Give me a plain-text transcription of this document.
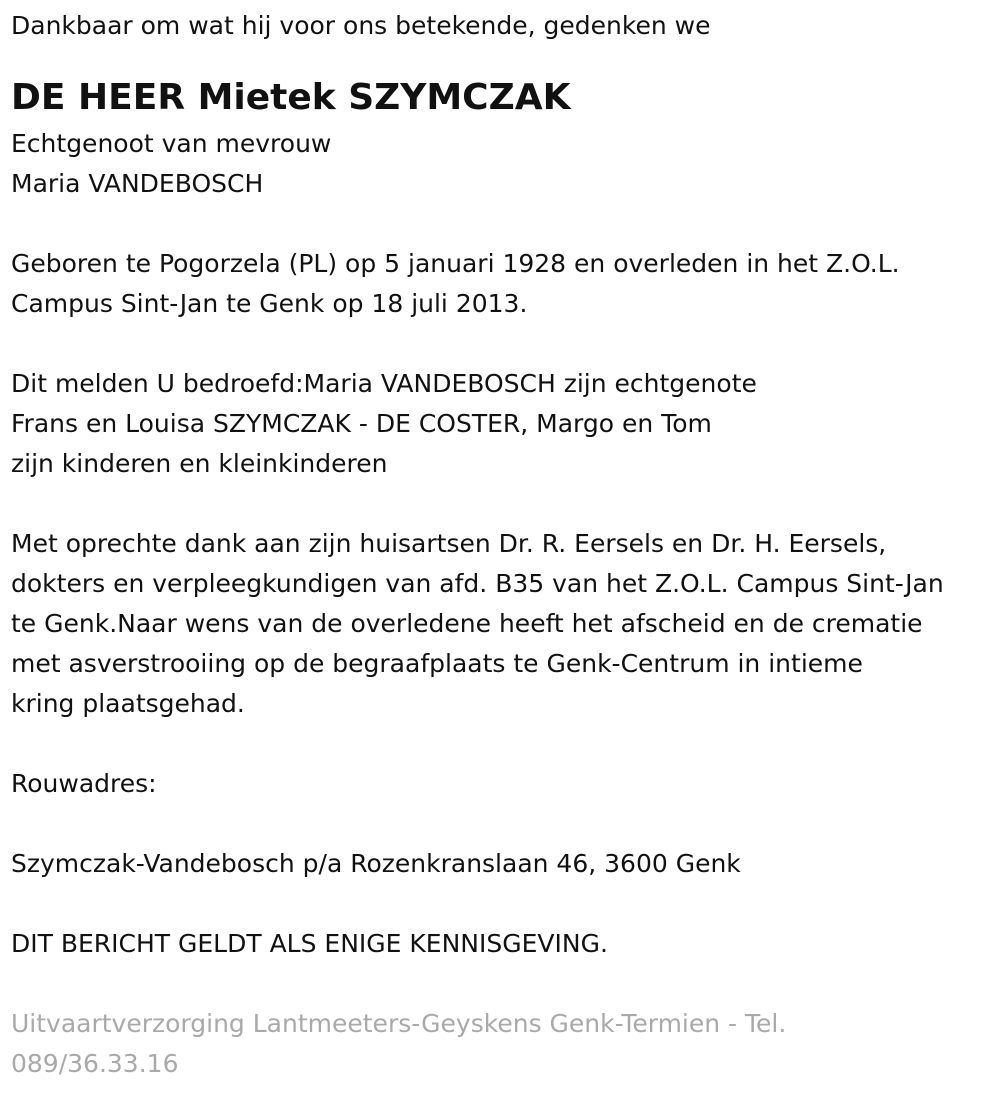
Dankbaar om wat hij voor ons betekende, gedenken we

DE HEER Mietek SZYMCZAK

Echtgenoot van mevrouw

Maria VANDEBOSCH

Geboren te Pogorzela (PL) op 5 januari 1928 en overleden in het Z.O.L.

Campus Sint-Jan te Genk op 18 juli 2013.

Dit melden U bedroefd:Maria VANDEBOSCH zijn echtgenote

Frans en Louisa SZYMCZAK - DE COSTER, Margo en Tom

zijn kinderen en kleinkinderen

Met oprechte dank aan zijn huisartsen Dr. R. Eersels en Dr. H. Eersels,

dokters en verpleegkundigen van afd. B35 van het Z.O.L. Campus Sint-Jan

te Genk.Naar wens van de overledene heeft het afscheid en de crematie

met asverstrooiing op de begraafplaats te Genk-Centrum in intieme

kring plaatsgehad.

Rouwadres:

Szymczak-Vandebosch p/a Rozenkranslaan 46, 3600 Genk

DIT BERICHT GELDT ALS ENIGE KENNISGEVING.

Uitvaartverzorging Lantmeeters-Geyskens Genk-Termien - Tel.

089/36.33.16
